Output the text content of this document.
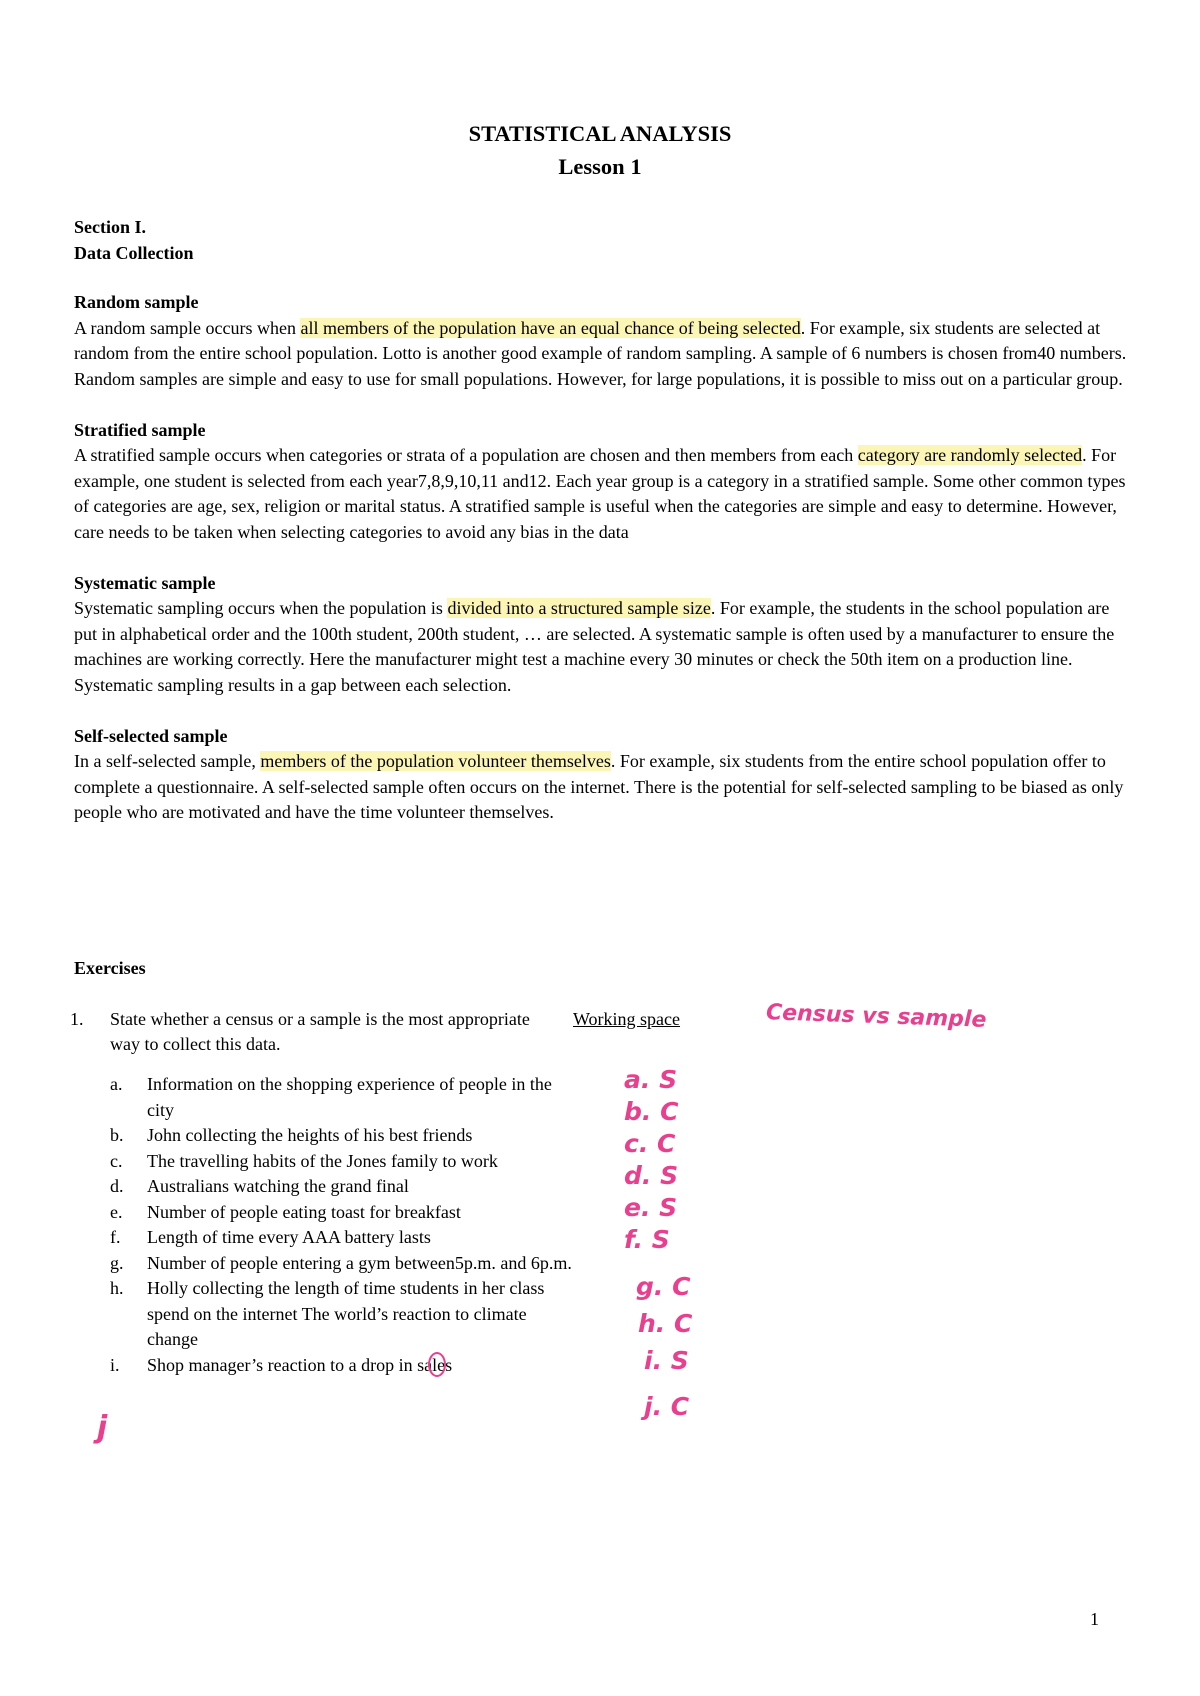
STATISTICAL ANALYSIS
Lesson 1
Section I.
Data Collection
Random sample

A random sample occurs when all members of the population have an equal chance of being selected. For example, six students are selected at random from the entire school population. Lotto is another good example of random sampling. A sample of 6 numbers is chosen from40 numbers. Random samples are simple and easy to use for small populations. However, for large populations, it is possible to miss out on a particular group.

Stratified sample

A stratified sample occurs when categories or strata of a population are chosen and then members from each category are randomly selected. For example, one student is selected from each year7,8,9,10,11 and12. Each year group is a category in a stratified sample. Some other common types of categories are age, sex, religion or marital status. A stratified sample is useful when the categories are simple and easy to determine. However, care needs to be taken when selecting categories to avoid any bias in the data

Systematic sample

Systematic sampling occurs when the population is divided into a structured sample size. For example, the students in the school population are put in alphabetical order and the 100th student, 200th student, … are selected. A systematic sample is often used by a manufacturer to ensure the machines are working correctly. Here the manufacturer might test a machine every 30 minutes or check the 50th item on a production line. Systematic sampling results in a gap between each selection.

Self-selected sample

In a self-selected sample, members of the population volunteer themselves. For example, six students from the entire school population offer to complete a questionnaire. A self-selected sample often occurs on the internet. There is the potential for self-selected sampling to be biased as only people who are motivated and have the time volunteer themselves.

Exercises
1. State whether a census or a sample is the most appropriate way to collect this data.
Working space
a. Information on the shopping experience of people in the city
b. John collecting the heights of his best friends
c. The travelling habits of the Jones family to work
d. Australians watching the grand final
e. Number of people eating toast for breakfast
f. Length of time every AAA battery lasts
g. Number of people entering a gym between5p.m. and 6p.m.
h. Holly collecting the length of time students in her class spend on the internet The world’s reaction to climate change
i. Shop manager’s reaction to a drop in sales
Census vs sample
a. S
b. C
c. C
d. S
e. S
f. S
g. C
h. C
i. S
j. C
j
1
